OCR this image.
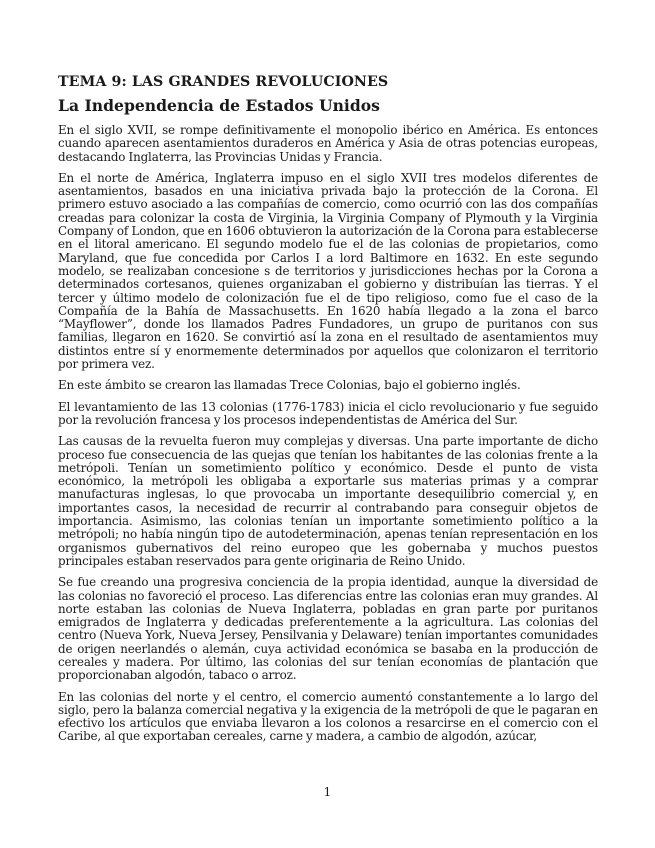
TEMA 9: LAS GRANDES REVOLUCIONES
La Independencia de Estados Unidos

En el siglo XVII, se rompe definitivamente el monopolio ibérico en América. Es entonces cuando aparecen asentamientos duraderos en América y Asia de otras potencias europeas, destacando Inglaterra, las Provincias Unidas y Francia.

En el norte de América, Inglaterra impuso en el siglo XVII tres modelos diferentes de asentamientos, basados en una iniciativa privada bajo la protección de la Corona. El primero estuvo asociado a las compañías de comercio, como ocurrió con las dos compañías creadas para colonizar la costa de Virginia, la Virginia Company of Plymouth y la Virginia Company of London, que en 1606 obtuvieron la autorización de la Corona para establecerse en el litoral americano. El segundo modelo fue el de las colonias de propietarios, como Maryland, que fue concedida por Carlos I a lord Baltimore en 1632. En este segundo modelo, se realizaban concesione s de territorios y jurisdicciones hechas por la Corona a determinados cortesanos, quienes organizaban el gobierno y distribuían las tierras. Y el tercer y último modelo de colonización fue el de tipo religioso, como fue el caso de la Compañía de la Bahía de Massachusetts. En 1620 había llegado a la zona el barco “Mayflower”, donde los llamados Padres Fundadores, un grupo de puritanos con sus familias, llegaron en 1620. Se convirtió así la zona en el resultado de asentamientos muy distintos entre sí y enormemente determinados por aquellos que colonizaron el territorio por primera vez.

En este ámbito se crearon las llamadas Trece Colonias, bajo el gobierno inglés.

El levantamiento de las 13 colonias (1776-1783) inicia el ciclo revolucionario y fue seguido por la revolución francesa y los procesos independentistas de América del Sur.

Las causas de la revuelta fueron muy complejas y diversas. Una parte importante de dicho proceso fue consecuencia de las quejas que tenían los habitantes de las colonias frente a la metrópoli. Tenían un sometimiento político y económico. Desde el punto de vista económico, la metrópoli les obligaba a exportarle sus materias primas y a comprar manufacturas inglesas, lo que provocaba un importante desequilibrio comercial y, en importantes casos, la necesidad de recurrir al contrabando para conseguir objetos de importancia. Asimismo, las colonias tenían un importante sometimiento político a la metrópoli; no había ningún tipo de autodeterminación, apenas tenían representación en los organismos gubernativos del reino europeo que les gobernaba y muchos puestos principales estaban reservados para gente originaria de Reino Unido.

Se fue creando una progresiva conciencia de la propia identidad, aunque la diversidad de las colonias no favoreció el proceso. Las diferencias entre las colonias eran muy grandes. Al norte estaban las colonias de Nueva Inglaterra, pobladas en gran parte por puritanos emigrados de Inglaterra y dedicadas preferentemente a la agricultura. Las colonias del centro (Nueva York, Nueva Jersey, Pensilvania y Delaware) tenían importantes comunidades de origen neerlandés o alemán, cuya actividad económica se basaba en la producción de cereales y madera. Por último, las colonias del sur tenían economías de plantación que proporcionaban algodón, tabaco o arroz.

En las colonias del norte y el centro, el comercio aumentó constantemente a lo largo del siglo, pero la balanza comercial negativa y la exigencia de la metrópoli de que le pagaran en efectivo los artículos que enviaba llevaron a los colonos a resarcirse en el comercio con el Caribe, al que exportaban cereales, carne y madera, a cambio de algodón, azúcar,

1
